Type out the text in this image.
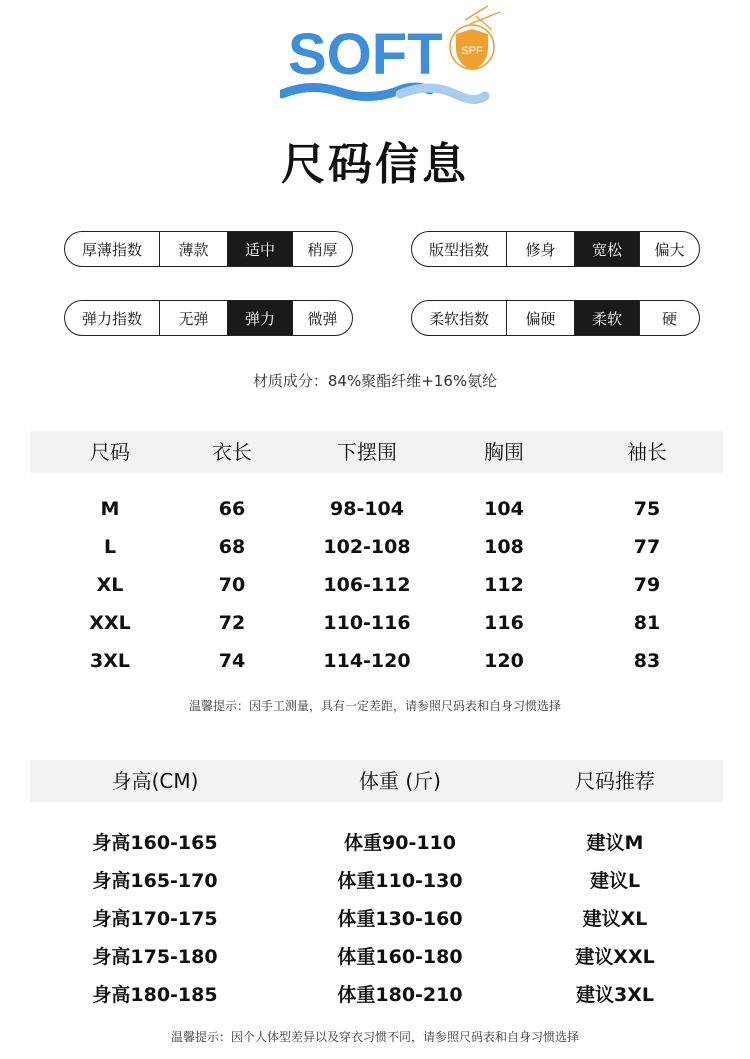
SOFT SPF
尺码信息
厚薄指数	薄款	适中	稍厚	版型指数	修身	宽松	偏大
弹力指数	无弹	弹力	微弹	柔软指数	偏硬	柔软	硬
材质成分：84%聚酯纤维+16%氨纶
尺码	衣长	下摆围	胸围	袖长
M	66	98-104	104	75
L	68	102-108	108	77
XL	70	106-112	112	79
XXL	72	110-116	116	81
3XL	74	114-120	120	83
温馨提示：因手工测量，具有一定差距，请参照尺码表和自身习惯选择
身高(CM)	体重 (斤)	尺码推荐
身高160-165	体重90-110	建议M
身高165-170	体重110-130	建议L
身高170-175	体重130-160	建议XL
身高175-180	体重160-180	建议XXL
身高180-185	体重180-210	建议3XL
温馨提示：因个人体型差异以及穿衣习惯不同，请参照尺码表和自身习惯选择
